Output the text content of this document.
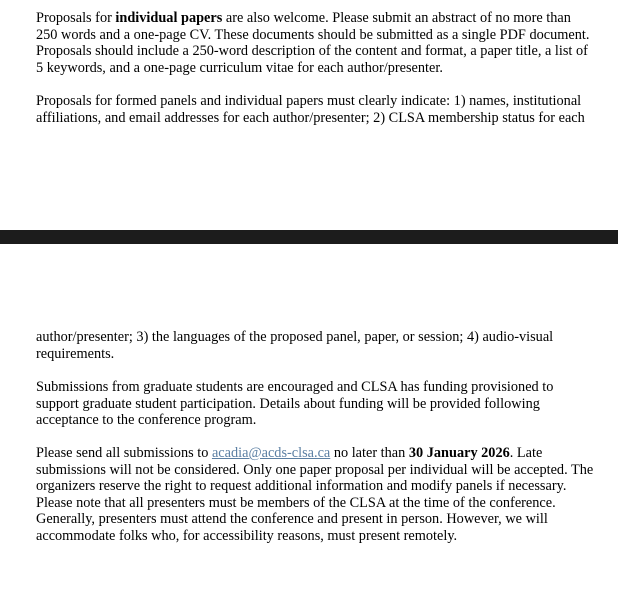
Proposals for individual papers are also welcome. Please submit an abstract of no more than
250 words and a one-page CV. These documents should be submitted as a single PDF document.
Proposals should include a 250-word description of the content and format, a paper title, a list of
5 keywords, and a one-page curriculum vitae for each author/presenter.

Proposals for formed panels and individual papers must clearly indicate: 1) names, institutional
affiliations, and email addresses for each author/presenter; 2) CLSA membership status for each

author/presenter; 3) the languages of the proposed panel, paper, or session; 4) audio-visual
requirements.

Submissions from graduate students are encouraged and CLSA has funding provisioned to
support graduate student participation. Details about funding will be provided following
acceptance to the conference program.

Please send all submissions to acadia@acds-clsa.ca no later than 30 January 2026. Late
submissions will not be considered. Only one paper proposal per individual will be accepted. The
organizers reserve the right to request additional information and modify panels if necessary.
Please note that all presenters must be members of the CLSA at the time of the conference.
Generally, presenters must attend the conference and present in person. However, we will
accommodate folks who, for accessibility reasons, must present remotely.
